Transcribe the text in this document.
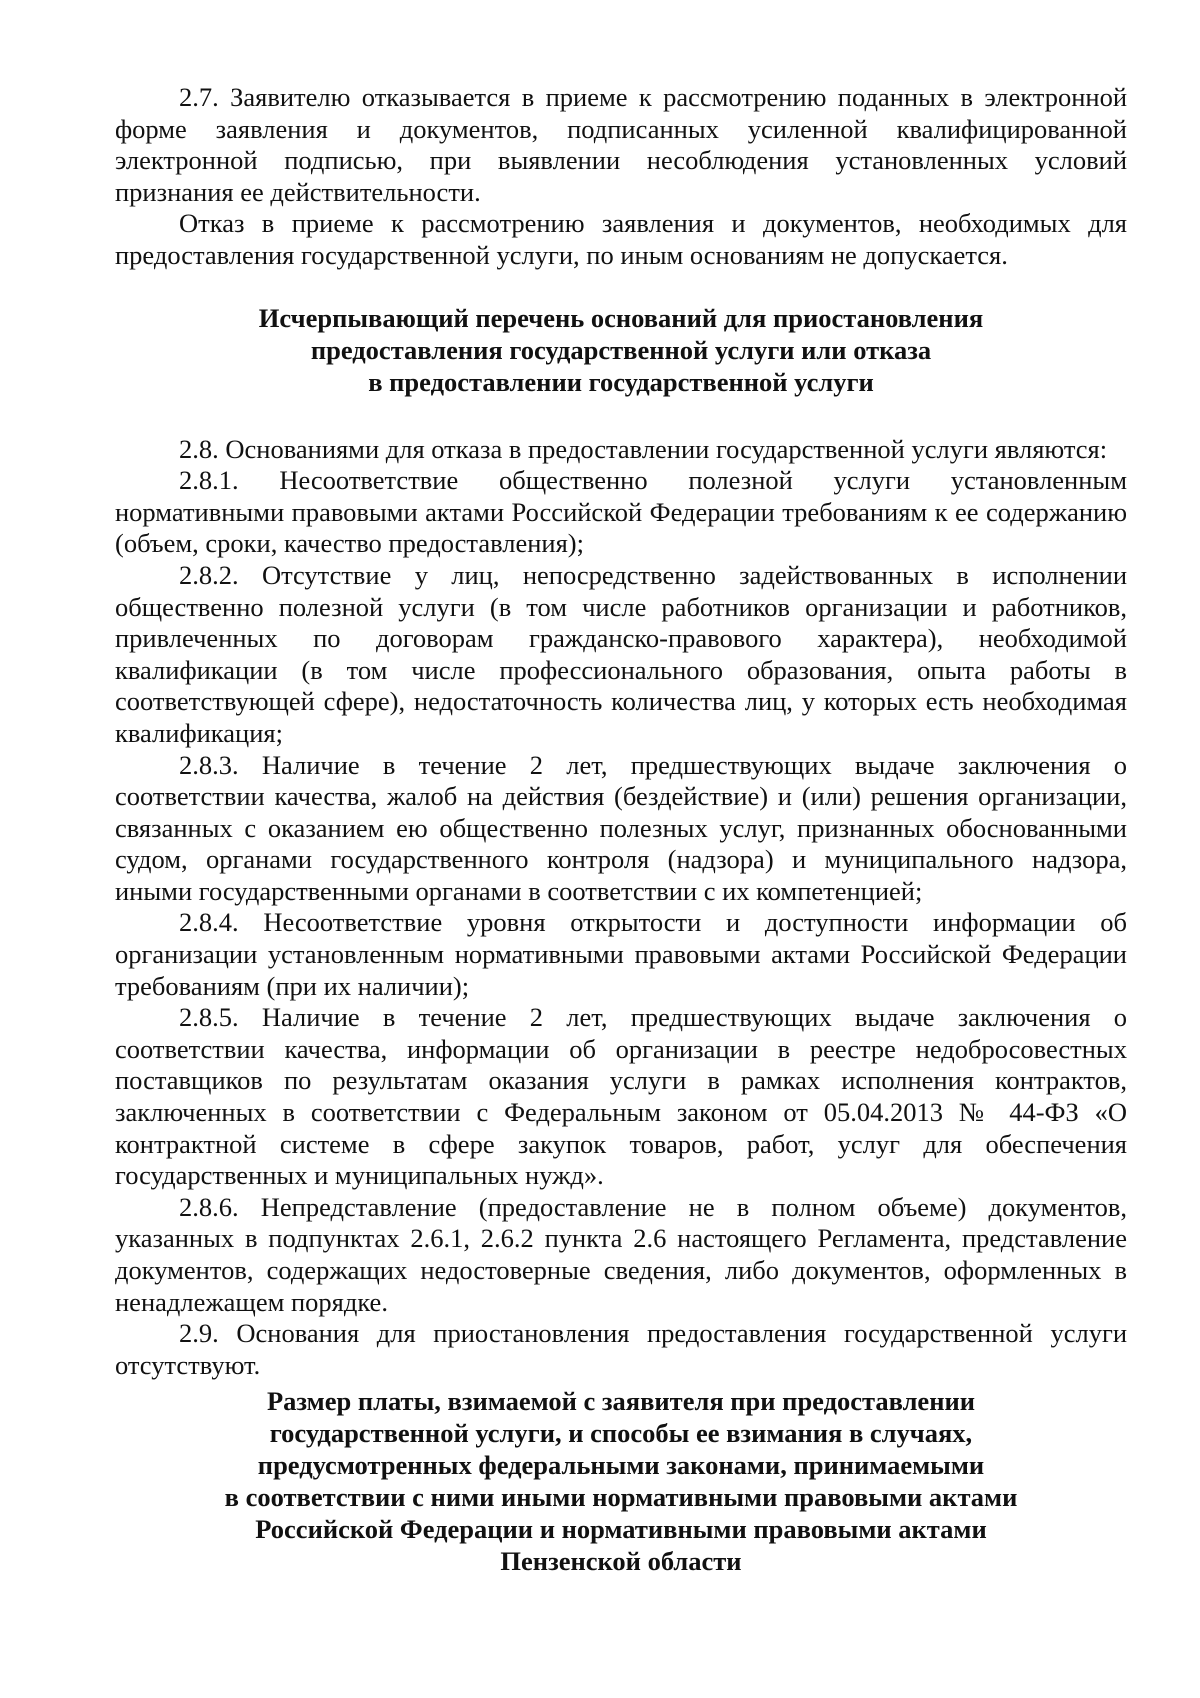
2.7. Заявителю отказывается в приеме к рассмотрению поданных в электронной форме заявления и документов, подписанных усиленной квалифицированной электронной подписью, при выявлении несоблюдения установленных условий признания ее действительности.

Отказ в приеме к рассмотрению заявления и документов, необходимых для предоставления государственной услуги, по иным основаниям не допускается.

Исчерпывающий перечень оснований для приостановления
предоставления государственной услуги или отказа
в предоставлении государственной услуги

2.8. Основаниями для отказа в предоставлении государственной услуги являются:

2.8.1. Несоответствие общественно полезной услуги установленным нормативными правовыми актами Российской Федерации требованиям к ее содержанию (объем, сроки, качество предоставления);

2.8.2. Отсутствие у лиц, непосредственно задействованных в исполнении общественно полезной услуги (в том числе работников организации и работников, привлеченных по договорам гражданско-правового характера), необходимой квалификации (в том числе профессионального образования, опыта работы в соответствующей сфере), недостаточность количества лиц, у которых есть необходимая квалификация;

2.8.3. Наличие в течение 2 лет, предшествующих выдаче заключения о соответствии качества, жалоб на действия (бездействие) и (или) решения организации, связанных с оказанием ею общественно полезных услуг, признанных обоснованными судом, органами государственного контроля (надзора) и муниципального надзора, иными государственными органами в соответствии с их компетенцией;

2.8.4. Несоответствие уровня открытости и доступности информации об организации установленным нормативными правовыми актами Российской Федерации требованиям (при их наличии);

2.8.5. Наличие в течение 2 лет, предшествующих выдаче заключения о соответствии качества, информации об организации в реестре недобросовестных поставщиков по результатам оказания услуги в рамках исполнения контрактов, заключенных в соответствии с Федеральным законом от 05.04.2013 № 44-ФЗ «О контрактной системе в сфере закупок товаров, работ, услуг для обеспечения государственных и муниципальных нужд».

2.8.6. Непредставление (предоставление не в полном объеме) документов, указанных в подпунктах 2.6.1, 2.6.2 пункта 2.6 настоящего Регламента, представление документов, содержащих недостоверные сведения, либо документов, оформленных в ненадлежащем порядке.

2.9. Основания для приостановления предоставления государственной услуги отсутствуют.

Размер платы, взимаемой с заявителя при предоставлении
государственной услуги, и способы ее взимания в случаях,
предусмотренных федеральными законами, принимаемыми
в соответствии с ними иными нормативными правовыми актами
Российской Федерации и нормативными правовыми актами
Пензенской области
